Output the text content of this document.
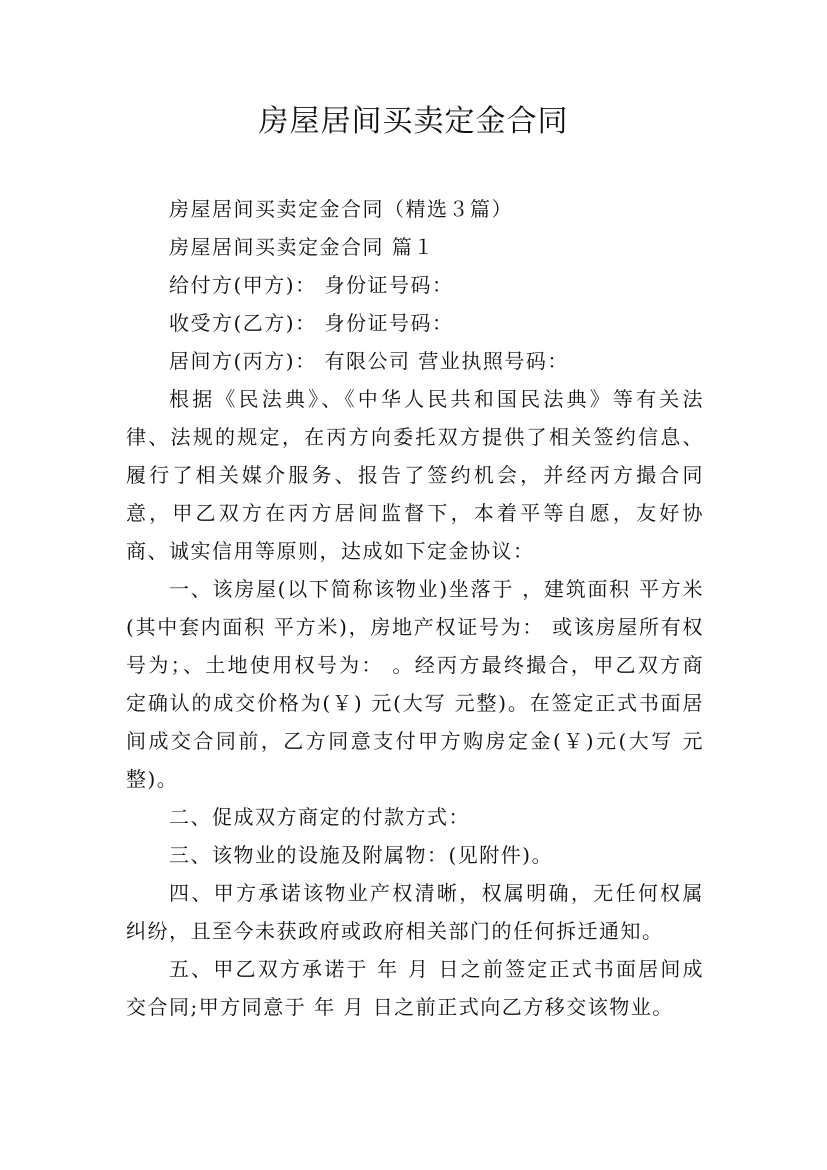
房屋居间买卖定金合同

房屋居间买卖定金合同（精选３篇）

房屋居间买卖定金合同 篇１

给付方(甲方)： 身份证号码：

收受方(乙方)： 身份证号码：

居间方(丙方)： 有限公司 营业执照号码：

根据《民法典》、《中华人民共和国民法典》等有关法律、法规的规定，在丙方向委托双方提供了相关签约信息、履行了相关媒介服务、报告了签约机会，并经丙方撮合同意，甲乙双方在丙方居间监督下，本着平等自愿，友好协商、诚实信用等原则，达成如下定金协议：

一、该房屋(以下简称该物业)坐落于 ，建筑面积 平方米(其中套内面积 平方米)，房地产权证号为： 或该房屋所有权号为；、土地使用权号为： 。经丙方最终撮合，甲乙双方商定确认的成交价格为(￥) 元(大写 元整)。在签定正式书面居间成交合同前，乙方同意支付甲方购房定金(￥)元(大写 元整)。

二、促成双方商定的付款方式：

三、该物业的设施及附属物：(见附件)。

四、甲方承诺该物业产权清晰，权属明确，无任何权属纠纷，且至今未获政府或政府相关部门的任何拆迁通知。

五、甲乙双方承诺于 年 月 日之前签定正式书面居间成交合同;甲方同意于 年 月 日之前正式向乙方移交该物业。
